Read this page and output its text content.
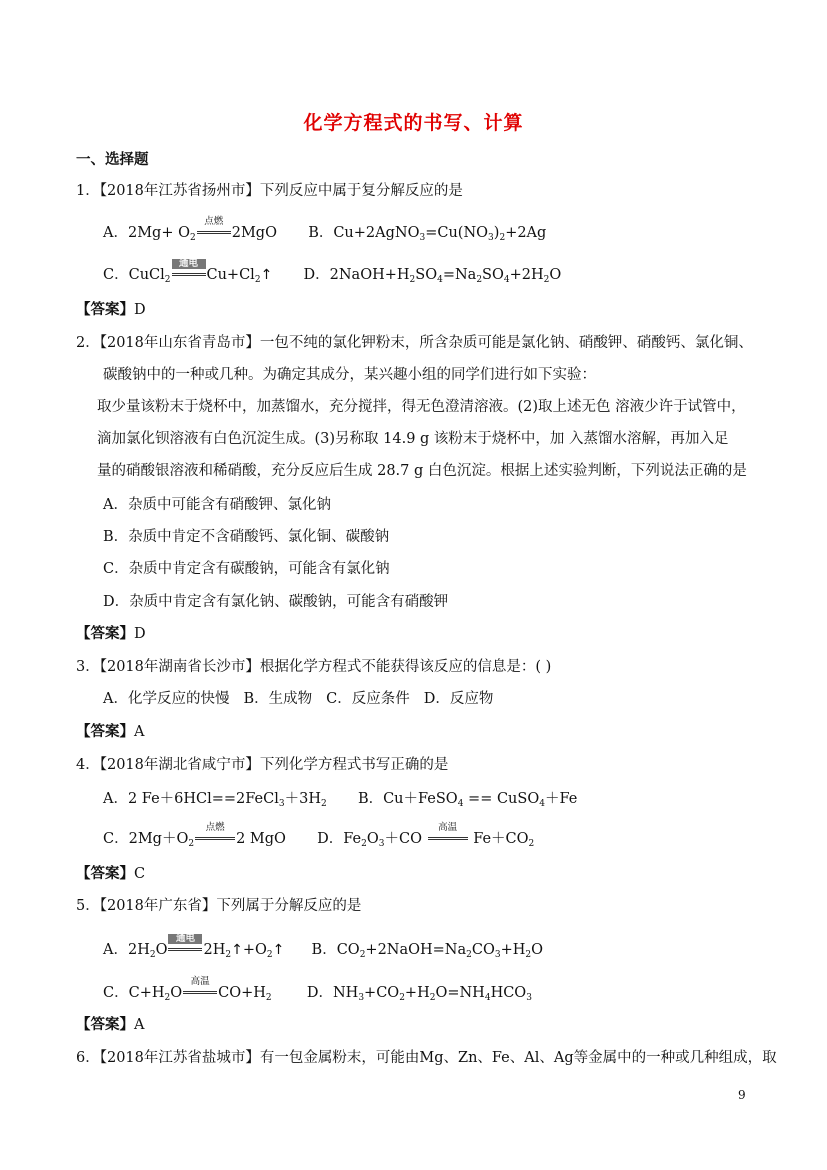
化学方程式的书写、计算
一、选择题
1．【2018年江苏省扬州市】下列反应中属于复分解反应的是
A．$2Mg+ O_2$
点燃
2MgO B．$Cu+2AgNO_3=Cu(NO_3)_2+2Ag$
C．CuCl$_2$
通电
$Cu+Cl_2↑$ D．$2NaOH+H_2SO_4=Na_2SO_4+2H_2O$
【答案】D
2．【2018年山东省青岛市】一包不纯的氯化钾粉末，所含杂质可能是氯化钠、硝酸钾、硝酸钙、氯化铜、
碳酸钠中的一种或几种。为确定其成分，某兴趣小组的同学们进行如下实验：
取少量该粉末于烧杯中，加蒸馏水，充分搅拌，得无色澄清溶液。(2)取上述无色 溶液少许于试管中，
滴加氯化钡溶液有白色沉淀生成。(3)另称取 14.9 g 该粉末于烧杯中，加 入蒸馏水溶解，再加入足
量的硝酸银溶液和稀硝酸，充分反应后生成 28.7 g 白色沉淀。根据上述实验判断，下列说法正确的是
A．杂质中可能含有硝酸钾、氯化钠
B．杂质中肯定不含硝酸钙、氯化铜、碳酸钠
C．杂质中肯定含有碳酸钠，可能含有氯化钠
D．杂质中肯定含有氯化钠、碳酸钠，可能含有硝酸钾
【答案】D
3．【2018年湖南省长沙市】根据化学方程式不能获得该反应的信息是：( )
A．化学反应的快慢 B．生成物 C．反应条件 D．反应物
【答案】A
4．【2018年湖北省咸宁市】下列化学方程式书写正确的是
A．2 $Fe+6HCl==2FeCl_3+3H_2$ B．Cu＋FeSO$_4$ == CuSO$_4$＋Fe
C．$2Mg+O_2$
点燃
2 MgO D．$Fe_2O_3+CO$
高温
$Fe+CO_2$
【答案】C
5．【2018年广东省】下列属于分解反应的是
A．$2H_2O$
通电
$2H_2↑+O_2↑$ B．$CO_2+2NaOH=Na_2CO_3+H_2O$
C．$C+H_2O$
高温
$CO+H_2$ D．$NH_3+CO_2+H_2O=NH_4HCO_3$
【答案】A
6．【2018年江苏省盐城市】有一包金属粉末，可能由Mg、Zn、Fe、Al、Ag等金属中的一种或几种组成，取
9
